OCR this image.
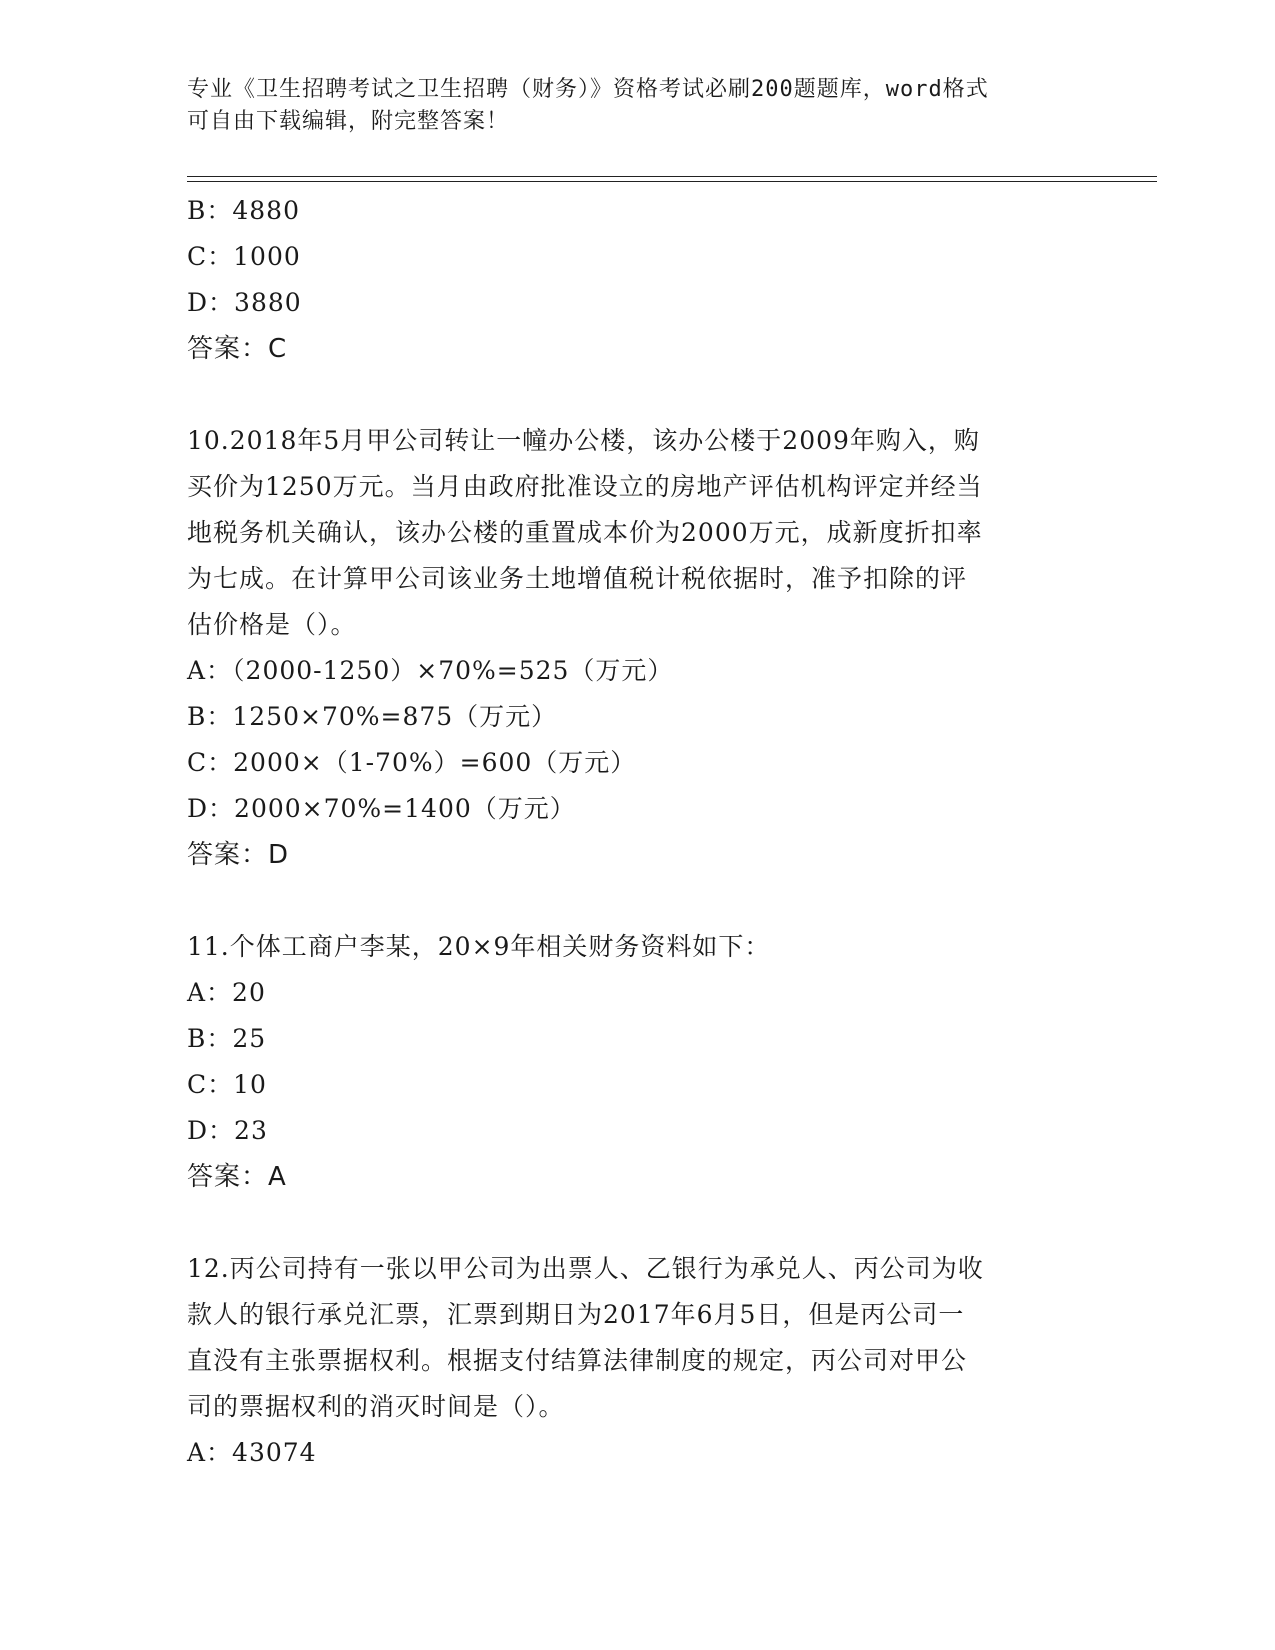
专业《卫生招聘考试之卫生招聘（财务）》资格考试必刷200题题库，word格式
可自由下载编辑，附完整答案！
B：4880
C：1000
D：3880
答案：C
10.2018年5月甲公司转让一幢办公楼，该办公楼于2009年购入，购
买价为1250万元。当月由政府批准设立的房地产评估机构评定并经当
地税务机关确认，该办公楼的重置成本价为2000万元，成新度折扣率
为七成。在计算甲公司该业务土地增值税计税依据时，准予扣除的评
估价格是（）。
A：（2000-1250）×70%=525（万元）
B：1250×70%=875（万元）
C：2000×（1-70%）=600（万元）
D：2000×70%=1400（万元）
答案：D
11.个体工商户李某，20×9年相关财务资料如下：
A：20
B：25
C：10
D：23
答案：A
12.丙公司持有一张以甲公司为出票人、乙银行为承兑人、丙公司为收
款人的银行承兑汇票，汇票到期日为2017年6月5日，但是丙公司一
直没有主张票据权利。根据支付结算法律制度的规定，丙公司对甲公
司的票据权利的消灭时间是（）。
A：43074
